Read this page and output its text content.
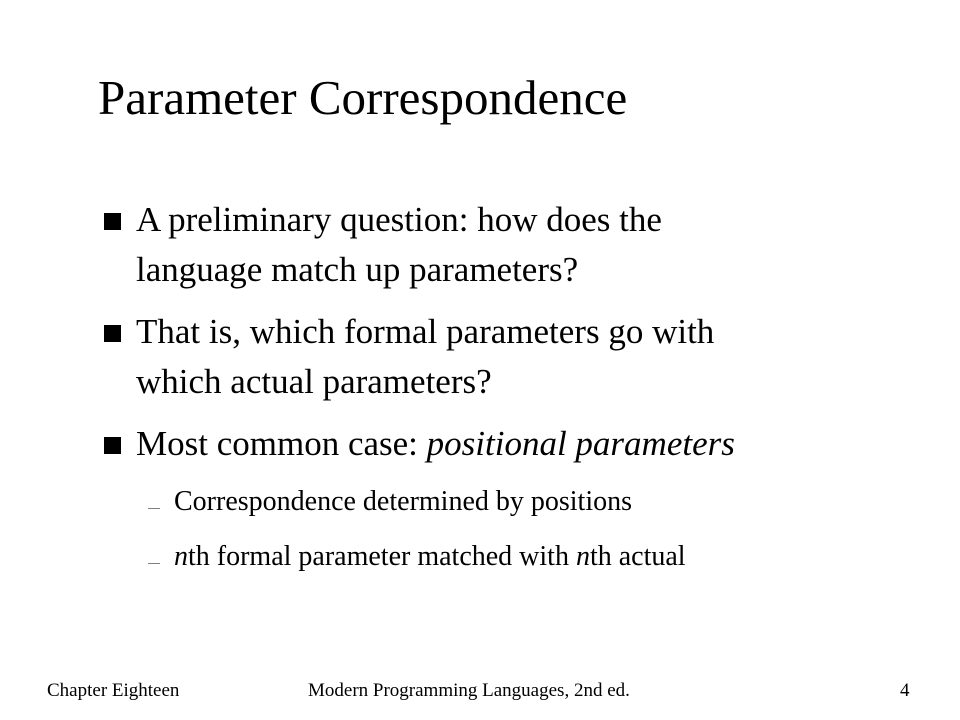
Parameter Correspondence
A preliminary question: how does the
language match up parameters?
That is, which formal parameters go with
which actual parameters?
Most common case: positional parameters
Correspondence determined by positions
nth formal parameter matched with nth actual
Chapter Eighteen	Modern Programming Languages, 2nd ed.	4
